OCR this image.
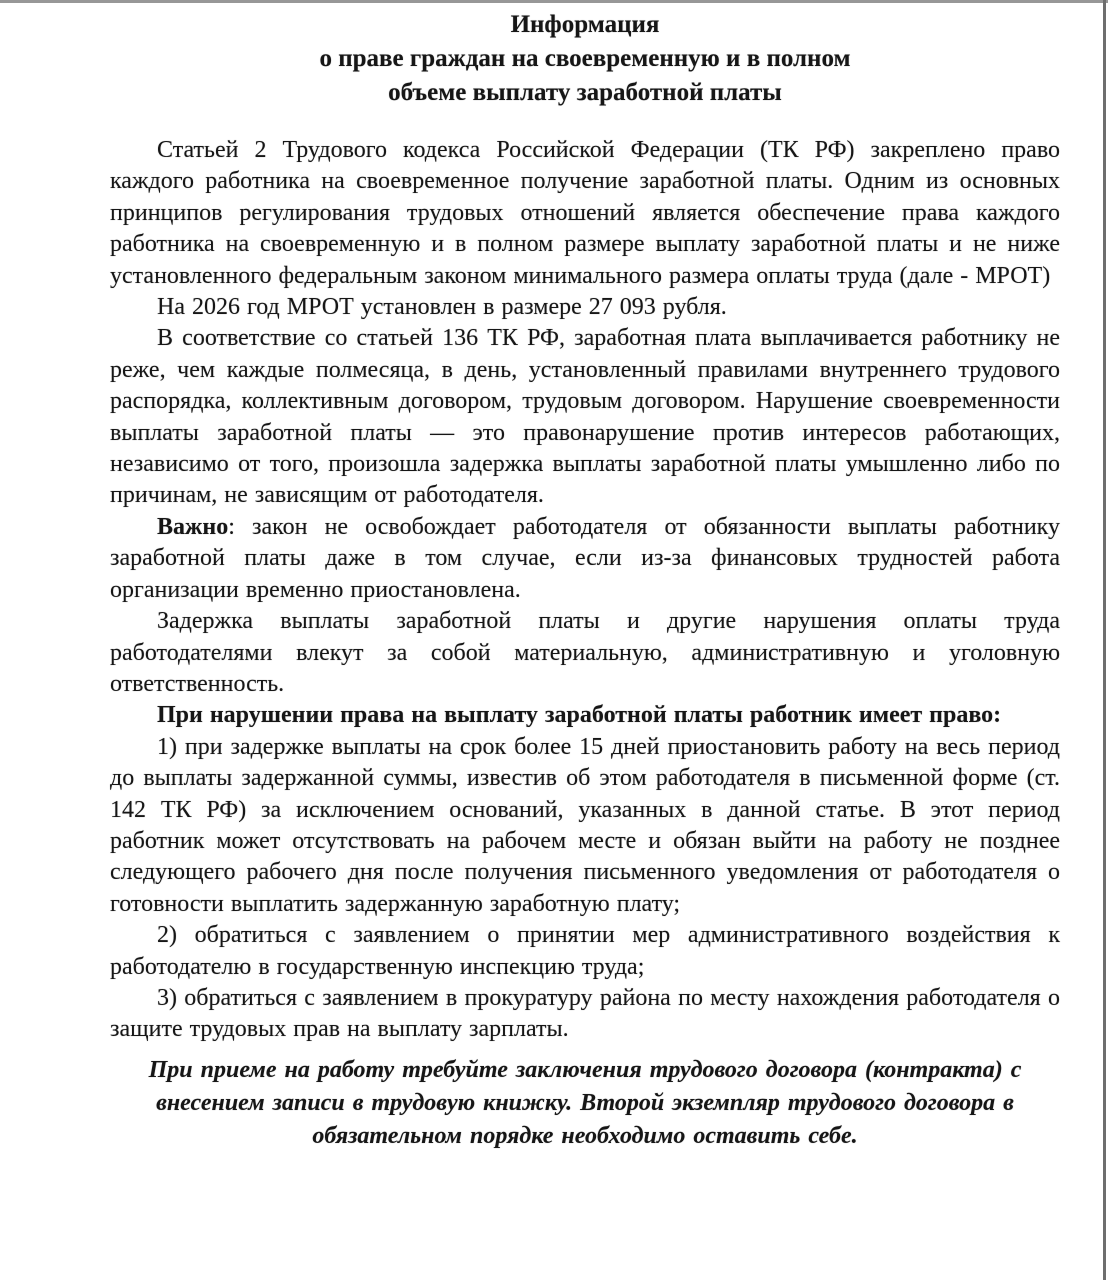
Информация
о праве граждан на своевременную и в полном
объеме выплату заработной платы

Статьей 2 Трудового кодекса Российской Федерации (ТК РФ) закреплено право каждого работника на своевременное получение заработной платы. Одним из основных принципов регулирования трудовых отношений является обеспечение права каждого работника на своевременную и в полном размере выплату заработной платы и не ниже установленного федеральным законом минимального размера оплаты труда (дале - МРОТ)

На 2026 год МРОТ установлен в размере 27 093 рубля.

В соответствие со статьей 136 ТК РФ, заработная плата выплачивается работнику не реже, чем каждые полмесяца, в день, установленный правилами внутреннего трудового распорядка, коллективным договором, трудовым договором. Нарушение своевременности выплаты заработной платы — это правонарушение против интересов работающих, независимо от того, произошла задержка выплаты заработной платы умышленно либо по причинам, не зависящим от работодателя.

Важно: закон не освобождает работодателя от обязанности выплаты работнику заработной платы даже в том случае, если из-за финансовых трудностей работа организации временно приостановлена.

Задержка выплаты заработной платы и другие нарушения оплаты труда работодателями влекут за собой материальную, административную и уголовную ответственность.

При нарушении права на выплату заработной платы работник имеет право:

1) при задержке выплаты на срок более 15 дней приостановить работу на весь период до выплаты задержанной суммы, известив об этом работодателя в письменной форме (ст. 142 ТК РФ) за исключением оснований, указанных в данной статье. В этот период работник может отсутствовать на рабочем месте и обязан выйти на работу не позднее следующего рабочего дня после получения письменного уведомления от работодателя о готовности выплатить задержанную заработную плату;

2) обратиться с заявлением о принятии мер административного воздействия к работодателю в государственную инспекцию труда;

3) обратиться с заявлением в прокуратуру района по месту нахождения работодателя о защите трудовых прав на выплату зарплаты.

При приеме на работу требуйте заключения трудового договора (контракта) с внесением записи в трудовую книжку. Второй экземпляр трудового договора в обязательном порядке необходимо оставить себе.
